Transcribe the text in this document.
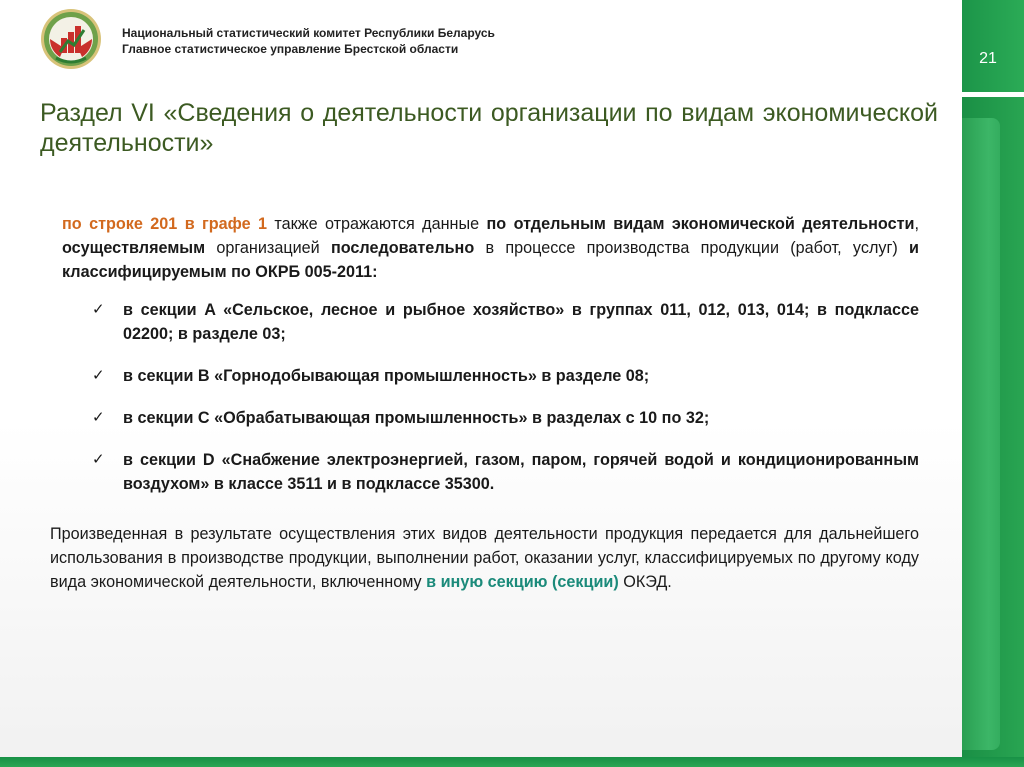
Национальный статистический комитет Республики Беларусь
Главное статистическое управление Брестской области
Раздел VI «Сведения о деятельности организации по видам экономической деятельности»

по строке 201 в графе 1 также отражаются данные по отдельным видам экономической деятельности, осуществляемым организацией последовательно в процессе производства продукции (работ, услуг) и классифицируемым по ОКРБ 005-2011:

✓ в секции A «Сельское, лесное и рыбное хозяйство» в группах 011, 012, 013, 014; в подклассе 02200; в разделе 03;
✓ в секции B «Горнодобывающая промышленность» в разделе 08;
✓ в секции C «Обрабатывающая промышленность» в разделах с 10 по 32;
✓ в секции D «Снабжение электроэнергией, газом, паром, горячей водой и кондиционированным воздухом» в классе 3511 и в подклассе 35300.

Произведенная в результате осуществления этих видов деятельности продукция передается для дальнейшего использования в производстве продукции, выполнении работ, оказании услуг, классифицируемых по другому коду вида экономической деятельности, включенному в иную секцию (секции) ОКЭД.

21
